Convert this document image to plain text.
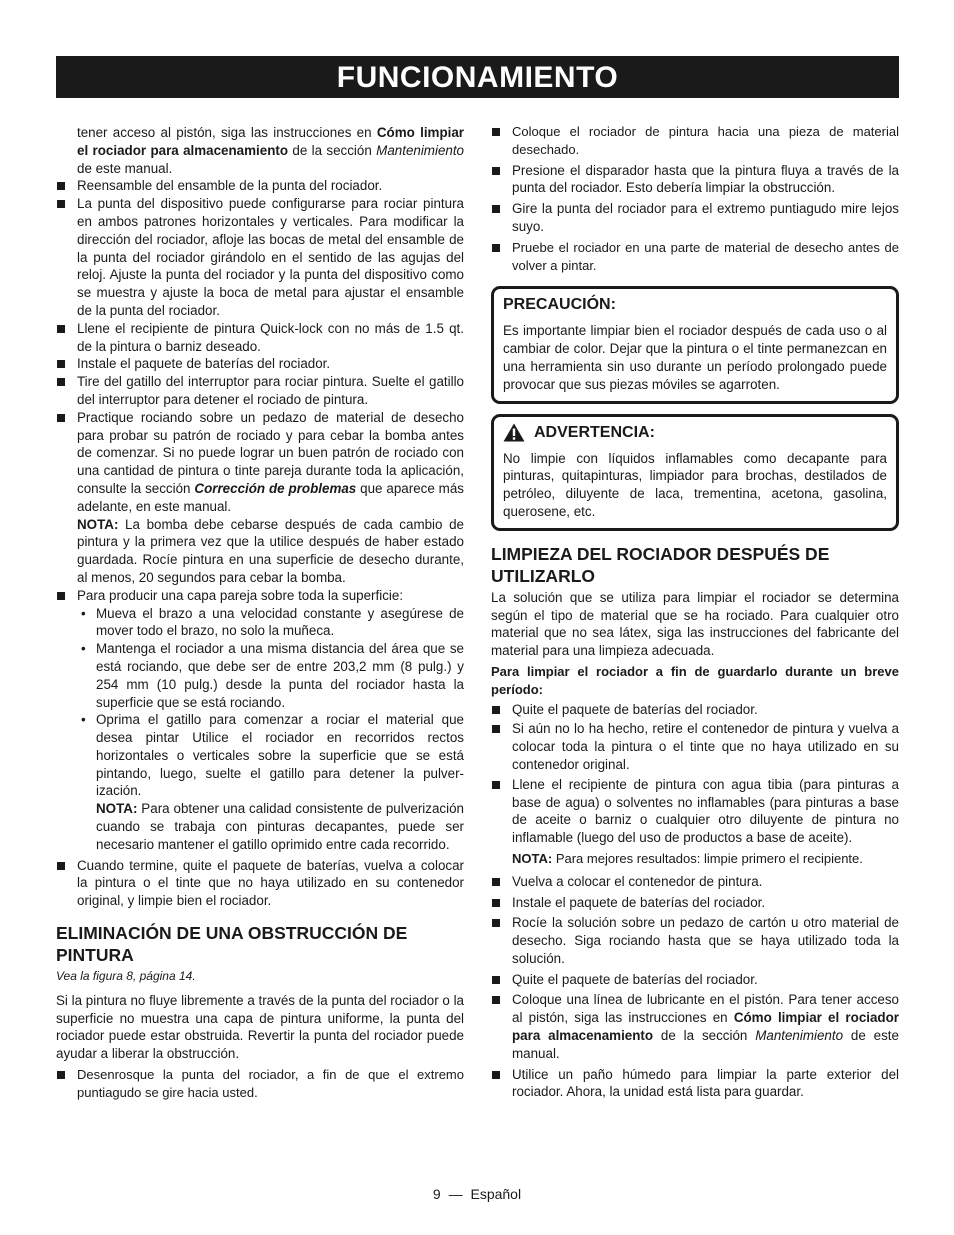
FUNCIONAMIENTO

tener acceso al pistón, siga las instrucciones en Cómo limpiar el rociador para almacenamiento de la sección Mantenimiento de este manual.

Reensamble del ensamble de la punta del rociador.
La punta del dispositivo puede configurarse para rociar pintura en ambos patrones horizontales y verticales. Para modificar la dirección del rociador, afloje las bocas de metal del ensamble de la punta del rociador girándolo en el sentido de las agujas del reloj. Ajuste la punta del rociador y la punta del dispositivo como se muestra y ajuste la boca de metal para ajustar el ensamble de la punta del rociador.
Llene el recipiente de pintura Quick-lock con no más de 1.5 qt. de la pintura o barniz deseado.
Instale el paquete de baterías del rociador.
Tire del gatillo del interruptor para rociar pintura. Suelte el gatillo del interruptor para detener el rociado de pintura.
Practique rociando sobre un pedazo de material de desecho para probar su patrón de rociado y para cebar la bomba antes de comenzar. Si no puede lograr un buen patrón de rociado con una cantidad de pintura o tinte pareja durante toda la aplicación, consulte la sección Corrección de problemas que aparece más adelante, en este manual.
NOTA: La bomba debe cebarse después de cada cambio de pintura y la primera vez que la utilice después de haber estado guardada. Rocíe pintura en una superficie de desecho durante, al menos, 20 segundos para cebar la bomba.
Para producir una capa pareja sobre toda la superficie:
• Mueva el brazo a una velocidad constante y asegúrese de mover todo el brazo, no solo la muñeca.
• Mantenga el rociador a una misma distancia del área que se está rociando, que debe ser de entre 203,2 mm (8 pulg.) y 254 mm (10 pulg.) desde la punta del rociador hasta la superficie que se está rociando.
• Oprima el gatillo para comenzar a rociar el material que desea pintar Utilice el rociador en recorridos rectos horizontales o verticales sobre la superficie que se está pintando, luego, suelte el gatillo para detener la pulver-ización.
NOTA: Para obtener una calidad consistente de pulverización cuando se trabaja con pinturas decapantes, puede ser necesario mantener el gatillo oprimido entre cada recorrido.
Cuando termine, quite el paquete de baterías, vuelva a colocar la pintura o el tinte que no haya utilizado en su contenedor original, y limpie bien el rociador.
ELIMINACIÓN DE UNA OBSTRUCCIÓN DE PINTURA
Vea la figura 8, página 14.

Si la pintura no fluye libremente a través de la punta del rociador o la superficie no muestra una capa de pintura uniforme, la punta del rociador puede estar obstruida. Revertir la punta del rociador puede ayudar a liberar la obstrucción.

Desenrosque la punta del rociador, a fin de que el extremo puntiagudo se gire hacia usted.
Coloque el rociador de pintura hacia una pieza de material desechado.
Presione el disparador hasta que la pintura fluya a través de la punta del rociador. Esto debería limpiar la obstrucción.
Gire la punta del rociador para el extremo puntiagudo mire lejos suyo.
Pruebe el rociador en una parte de material de desecho antes de volver a pintar.
PRECAUCIÓN:
Es importante limpiar bien el rociador después de cada uso o al cambiar de color. Dejar que la pintura o el tinte permanezcan en una herramienta sin uso durante un período prolongado puede provocar que sus piezas móviles se agarroten.
ADVERTENCIA:
No limpie con líquidos inflamables como decapante para pinturas, quitapinturas, limpiador para brochas, destilados de petróleo, diluyente de laca, trementina, acetona, gasolina, querosene, etc.
LIMPIEZA DEL ROCIADOR DESPUÉS DE UTILIZARLO

La solución que se utiliza para limpiar el rociador se determina según el tipo de material que se ha rociado. Para cualquier otro material que no sea látex, siga las instrucciones del fabricante del material para una limpieza adecuada.

Para limpiar el rociador a fin de guardarlo durante un breve período:

Quite el paquete de baterías del rociador.
Si aún no lo ha hecho, retire el contenedor de pintura y vuelva a colocar toda la pintura o el tinte que no haya utilizado en su contenedor original.
Llene el recipiente de pintura con agua tibia (para pinturas a base de agua) o solventes no inflamables (para pinturas a base de aceite o barniz o cualquier otro diluyente de pintura no inflamable (luego del uso de productos a base de aceite).
NOTA: Para mejores resultados: limpie primero el recipiente.
Vuelva a colocar el contenedor de pintura.
Instale el paquete de baterías del rociador.
Rocíe la solución sobre un pedazo de cartón u otro material de desecho. Siga rociando hasta que se haya utilizado toda la solución.
Quite el paquete de baterías del rociador.
Coloque una línea de lubricante en el pistón. Para tener acceso al pistón, siga las instrucciones en Cómo limpiar el rociador para almacenamiento de la sección Mantenimiento de este manual.
Utilice un paño húmedo para limpiar la parte exterior del rociador. Ahora, la unidad está lista para guardar.
9 — Español
